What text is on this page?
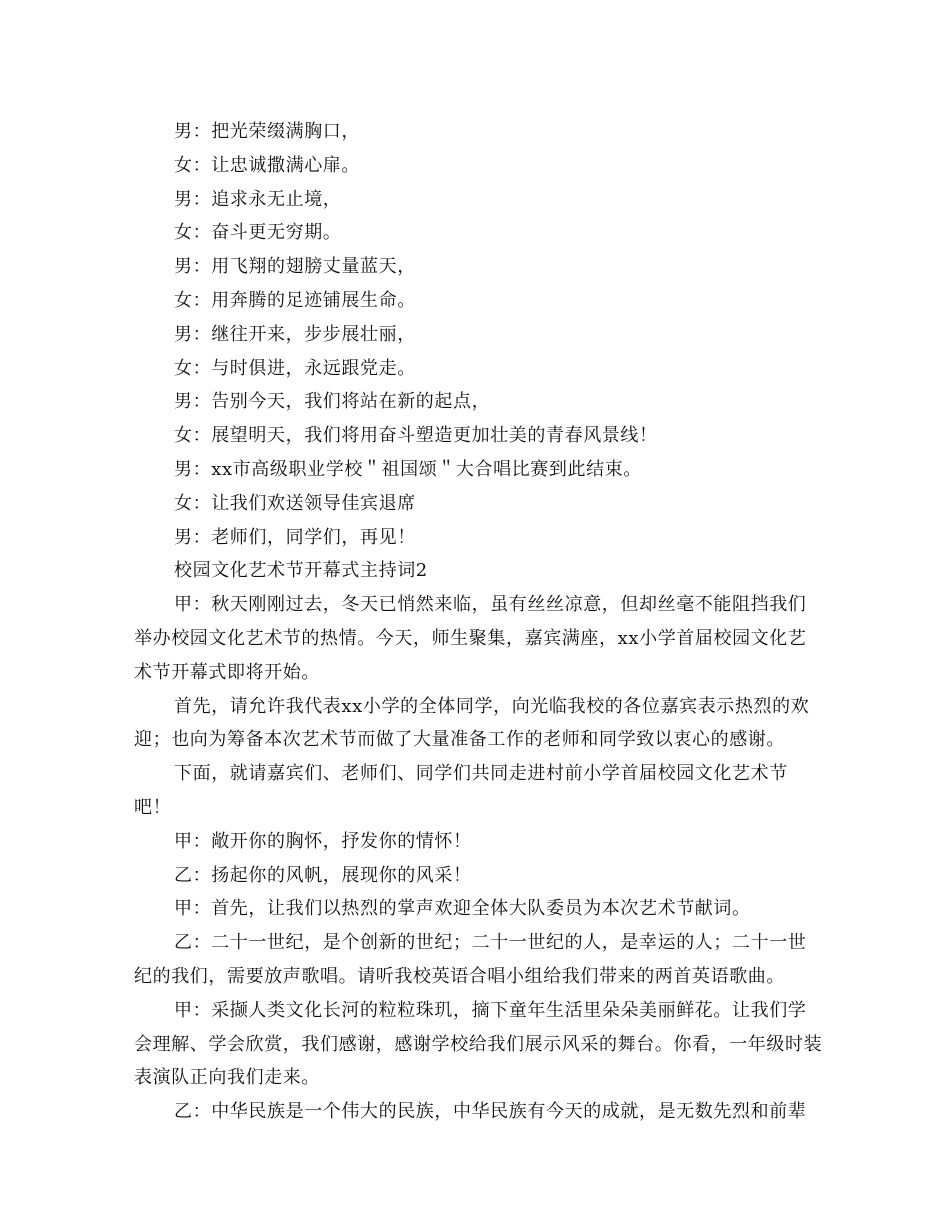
男：把光荣缀满胸口，

女：让忠诚撒满心扉。

男：追求永无止境，

女：奋斗更无穷期。

男：用飞翔的翅膀丈量蓝天，

女：用奔腾的足迹铺展生命。

男：继往开来，步步展壮丽，

女：与时俱进，永远跟党走。

男：告别今天，我们将站在新的起点，

女：展望明天，我们将用奋斗塑造更加壮美的青春风景线！

男：xx市高级职业学校＂祖国颂＂大合唱比赛到此结束。

女：让我们欢送领导佳宾退席

男：老师们，同学们，再见！

校园文化艺术节开幕式主持词2

甲：秋天刚刚过去，冬天已悄然来临，虽有丝丝凉意，但却丝毫不能阻挡我们举办校园文化艺术节的热情。今天，师生聚集，嘉宾满座，xx小学首届校园文化艺术节开幕式即将开始。

首先，请允许我代表xx小学的全体同学，向光临我校的各位嘉宾表示热烈的欢迎；也向为筹备本次艺术节而做了大量准备工作的老师和同学致以衷心的感谢。

下面，就请嘉宾们、老师们、同学们共同走进村前小学首届校园文化艺术节吧！

甲：敞开你的胸怀，抒发你的情怀！

乙：扬起你的风帆，展现你的风采！

甲：首先，让我们以热烈的掌声欢迎全体大队委员为本次艺术节献词。

乙：二十一世纪，是个创新的世纪；二十一世纪的人，是幸运的人；二十一世纪的我们，需要放声歌唱。请听我校英语合唱小组给我们带来的两首英语歌曲。

甲：采撷人类文化长河的粒粒珠玑，摘下童年生活里朵朵美丽鲜花。让我们学会理解、学会欣赏，我们感谢，感谢学校给我们展示风采的舞台。你看，一年级时装表演队正向我们走来。

乙：中华民族是一个伟大的民族，中华民族有今天的成就，是无数先烈和前辈
